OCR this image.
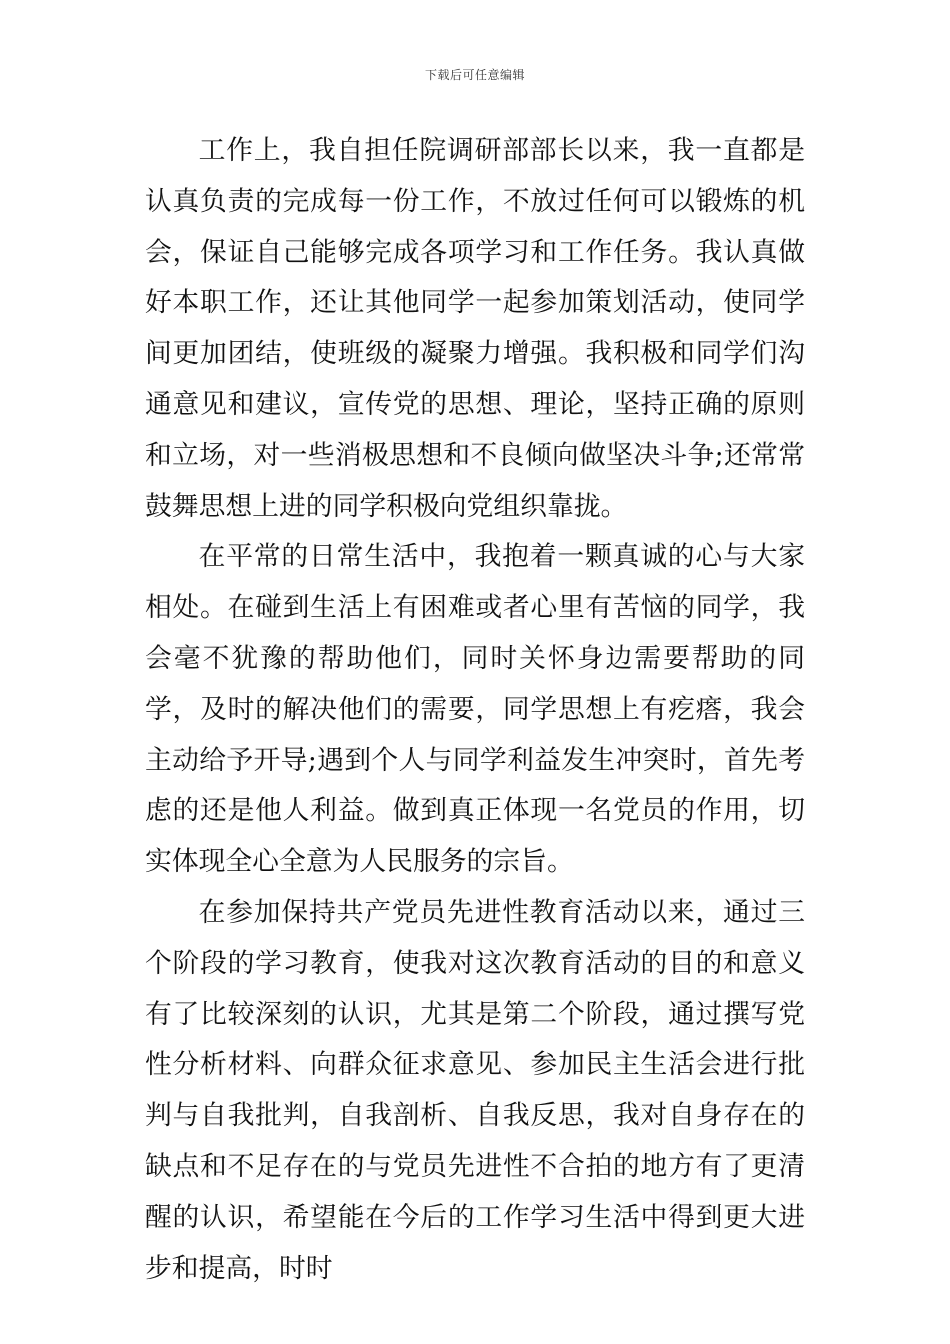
下载后可任意编辑

工作上，我自担任院调研部部长以来，我一直都是认真负责的完成每一份工作，不放过任何可以锻炼的机会，保证自己能够完成各项学习和工作任务。我认真做好本职工作，还让其他同学一起参加策划活动，使同学间更加团结，使班级的凝聚力增强。我积极和同学们沟通意见和建议，宣传党的思想、理论，坚持正确的原则和立场，对一些消极思想和不良倾向做坚决斗争;还常常鼓舞思想上进的同学积极向党组织靠拢。

在平常的日常生活中，我抱着一颗真诚的心与大家相处。在碰到生活上有困难或者心里有苦恼的同学，我会毫不犹豫的帮助他们，同时关怀身边需要帮助的同学，及时的解决他们的需要，同学思想上有疙瘩，我会主动给予开导;遇到个人与同学利益发生冲突时，首先考虑的还是他人利益。做到真正体现一名党员的作用，切实体现全心全意为人民服务的宗旨。

在参加保持共产党员先进性教育活动以来，通过三个阶段的学习教育，使我对这次教育活动的目的和意义有了比较深刻的认识，尤其是第二个阶段，通过撰写党性分析材料、向群众征求意见、参加民主生活会进行批判与自我批判，自我剖析、自我反思，我对自身存在的缺点和不足存在的与党员先进性不合拍的地方有了更清醒的认识，希望能在今后的工作学习生活中得到更大进步和提高，时时
